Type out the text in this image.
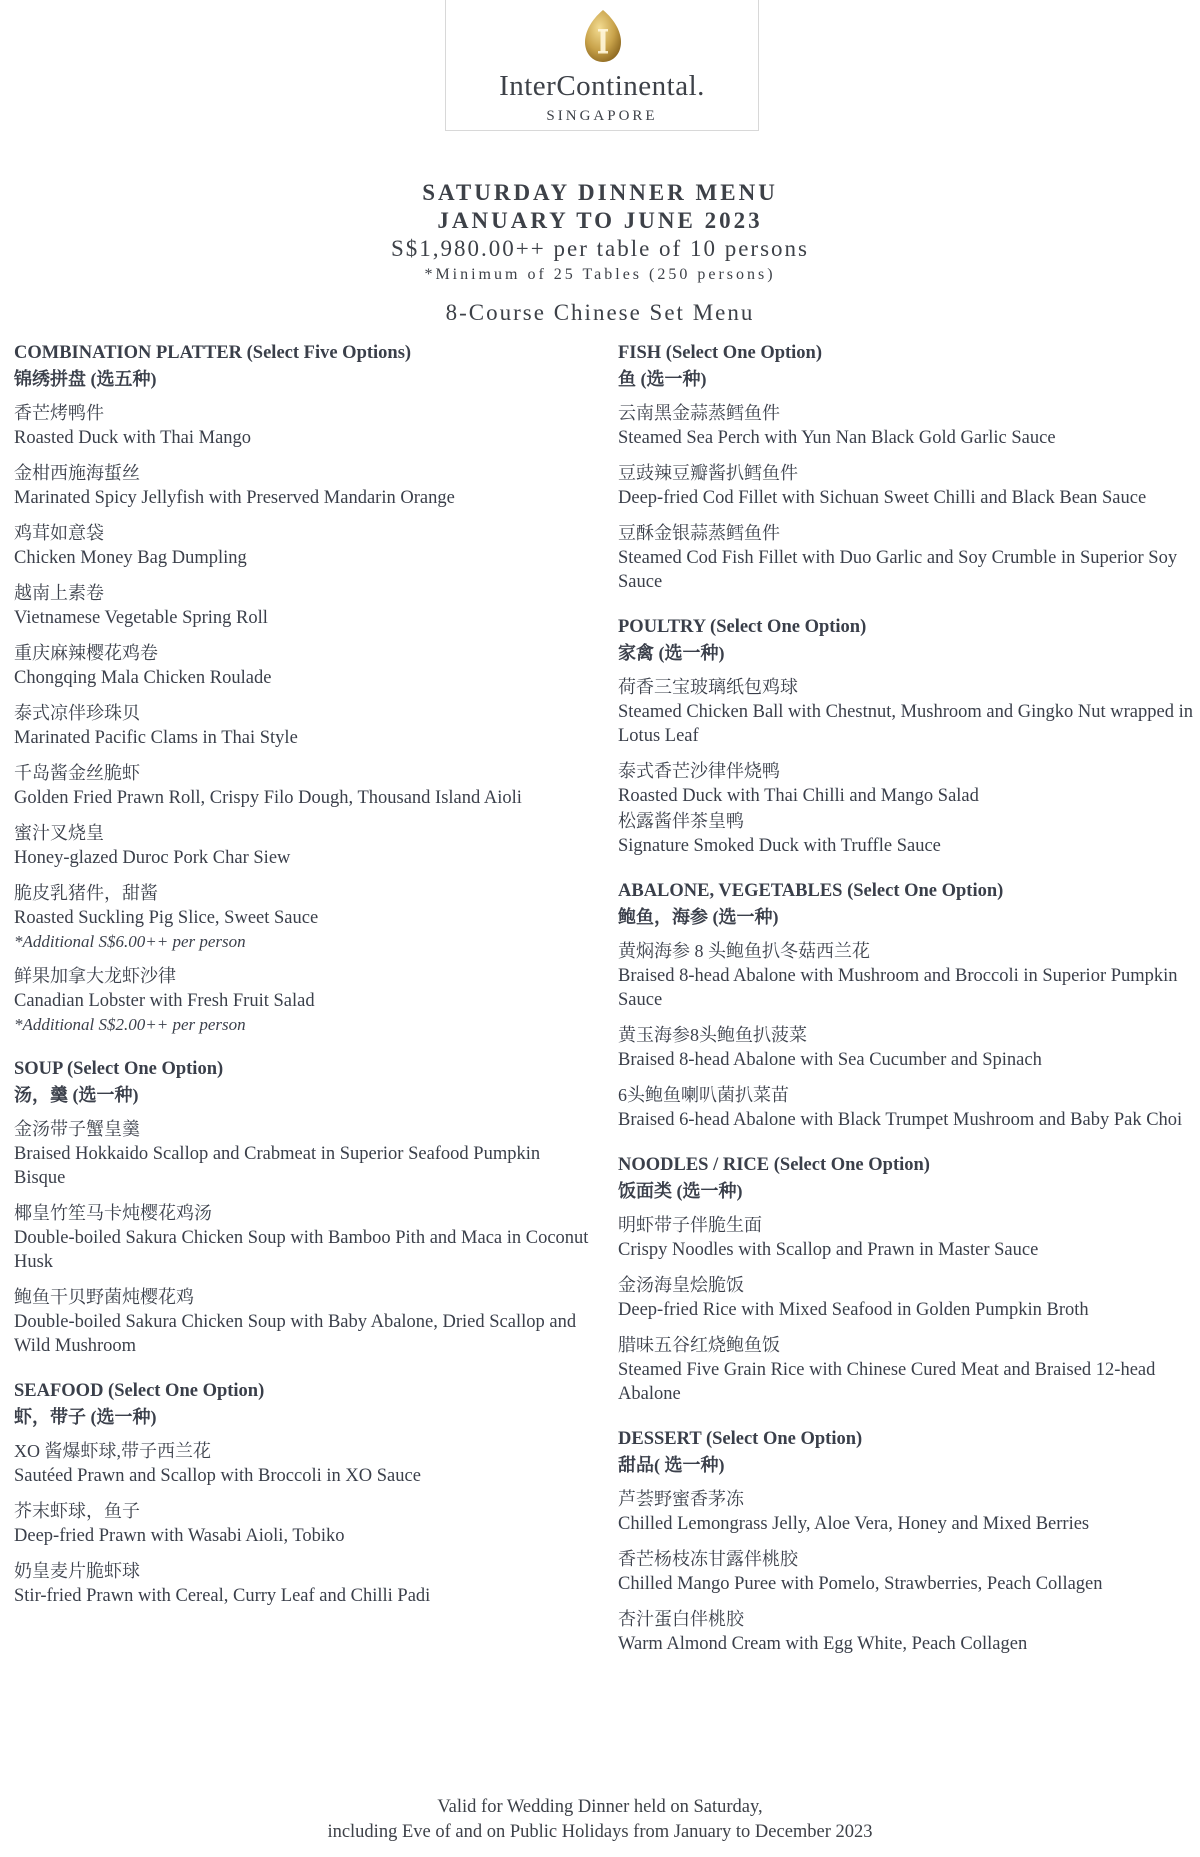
InterContinental.
SINGAPORE
SATURDAY DINNER MENU
JANUARY TO JUNE 2023
S$1,980.00++ per table of 10 persons
*Minimum of 25 Tables (250 persons)
8-Course Chinese Set Menu
COMBINATION PLATTER (Select Five Options)
锦绣拼盘 (选五种)
香芒烤鸭件
Roasted Duck with Thai Mango
金柑西施海蜇丝
Marinated Spicy Jellyfish with Preserved Mandarin Orange
鸡茸如意袋
Chicken Money Bag Dumpling
越南上素卷
Vietnamese Vegetable Spring Roll
重庆麻辣樱花鸡卷
Chongqing Mala Chicken Roulade
泰式凉伴珍珠贝
Marinated Pacific Clams in Thai Style
千岛酱金丝脆虾
Golden Fried Prawn Roll, Crispy Filo Dough, Thousand Island Aioli
蜜汁叉烧皇
Honey-glazed Duroc Pork Char Siew
脆皮乳猪件，甜酱
Roasted Suckling Pig Slice, Sweet Sauce
*Additional S$6.00++ per person
鲜果加拿大龙虾沙律
Canadian Lobster with Fresh Fruit Salad
*Additional S$2.00++ per person
SOUP (Select One Option)
汤，羹 (选一种)
金汤带子蟹皇羹
Braised Hokkaido Scallop and Crabmeat in Superior Seafood Pumpkin Bisque
椰皇竹笙马卡炖樱花鸡汤
Double-boiled Sakura Chicken Soup with Bamboo Pith and Maca in Coconut Husk
鲍鱼干贝野菌炖樱花鸡
Double-boiled Sakura Chicken Soup with Baby Abalone, Dried Scallop and Wild Mushroom
SEAFOOD (Select One Option)
虾，带子 (选一种)
XO 酱爆虾球,带子西兰花
Sautéed Prawn and Scallop with Broccoli in XO Sauce
芥末虾球，鱼子
Deep-fried Prawn with Wasabi Aioli, Tobiko
奶皇麦片脆虾球
Stir-fried Prawn with Cereal, Curry Leaf and Chilli Padi
FISH (Select One Option)
鱼 (选一种)
云南黑金蒜蒸鳕鱼件
Steamed Sea Perch with Yun Nan Black Gold Garlic Sauce
豆豉辣豆瓣酱扒鳕鱼件
Deep-fried Cod Fillet with Sichuan Sweet Chilli and Black Bean Sauce
豆酥金银蒜蒸鳕鱼件
Steamed Cod Fish Fillet with Duo Garlic and Soy Crumble in Superior Soy Sauce
POULTRY (Select One Option)
家禽 (选一种)
荷香三宝玻璃纸包鸡球
Steamed Chicken Ball with Chestnut, Mushroom and Gingko Nut wrapped in Lotus Leaf
泰式香芒沙律伴烧鸭
Roasted Duck with Thai Chilli and Mango Salad
松露酱伴茶皇鸭
Signature Smoked Duck with Truffle Sauce
ABALONE, VEGETABLES (Select One Option)
鲍鱼，海参 (选一种)
黄焖海参 8 头鲍鱼扒冬菇西兰花
Braised 8-head Abalone with Mushroom and Broccoli in Superior Pumpkin Sauce
黄玉海参8头鲍鱼扒菠菜
Braised 8-head Abalone with Sea Cucumber and Spinach
6头鲍鱼喇叭菌扒菜苗
Braised 6-head Abalone with Black Trumpet Mushroom and Baby Pak Choi
NOODLES / RICE (Select One Option)
饭面类 (选一种)
明虾带子伴脆生面
Crispy Noodles with Scallop and Prawn in Master Sauce
金汤海皇烩脆饭
Deep-fried Rice with Mixed Seafood in Golden Pumpkin Broth
腊味五谷红烧鲍鱼饭
Steamed Five Grain Rice with Chinese Cured Meat and Braised 12-head Abalone
DESSERT (Select One Option)
甜品( 选一种)
芦荟野蜜香茅冻
Chilled Lemongrass Jelly, Aloe Vera, Honey and Mixed Berries
香芒杨枝冻甘露伴桃胶
Chilled Mango Puree with Pomelo, Strawberries, Peach Collagen
杏汁蛋白伴桃胶
Warm Almond Cream with Egg White, Peach Collagen
Valid for Wedding Dinner held on Saturday,
including Eve of and on Public Holidays from January to December 2023
